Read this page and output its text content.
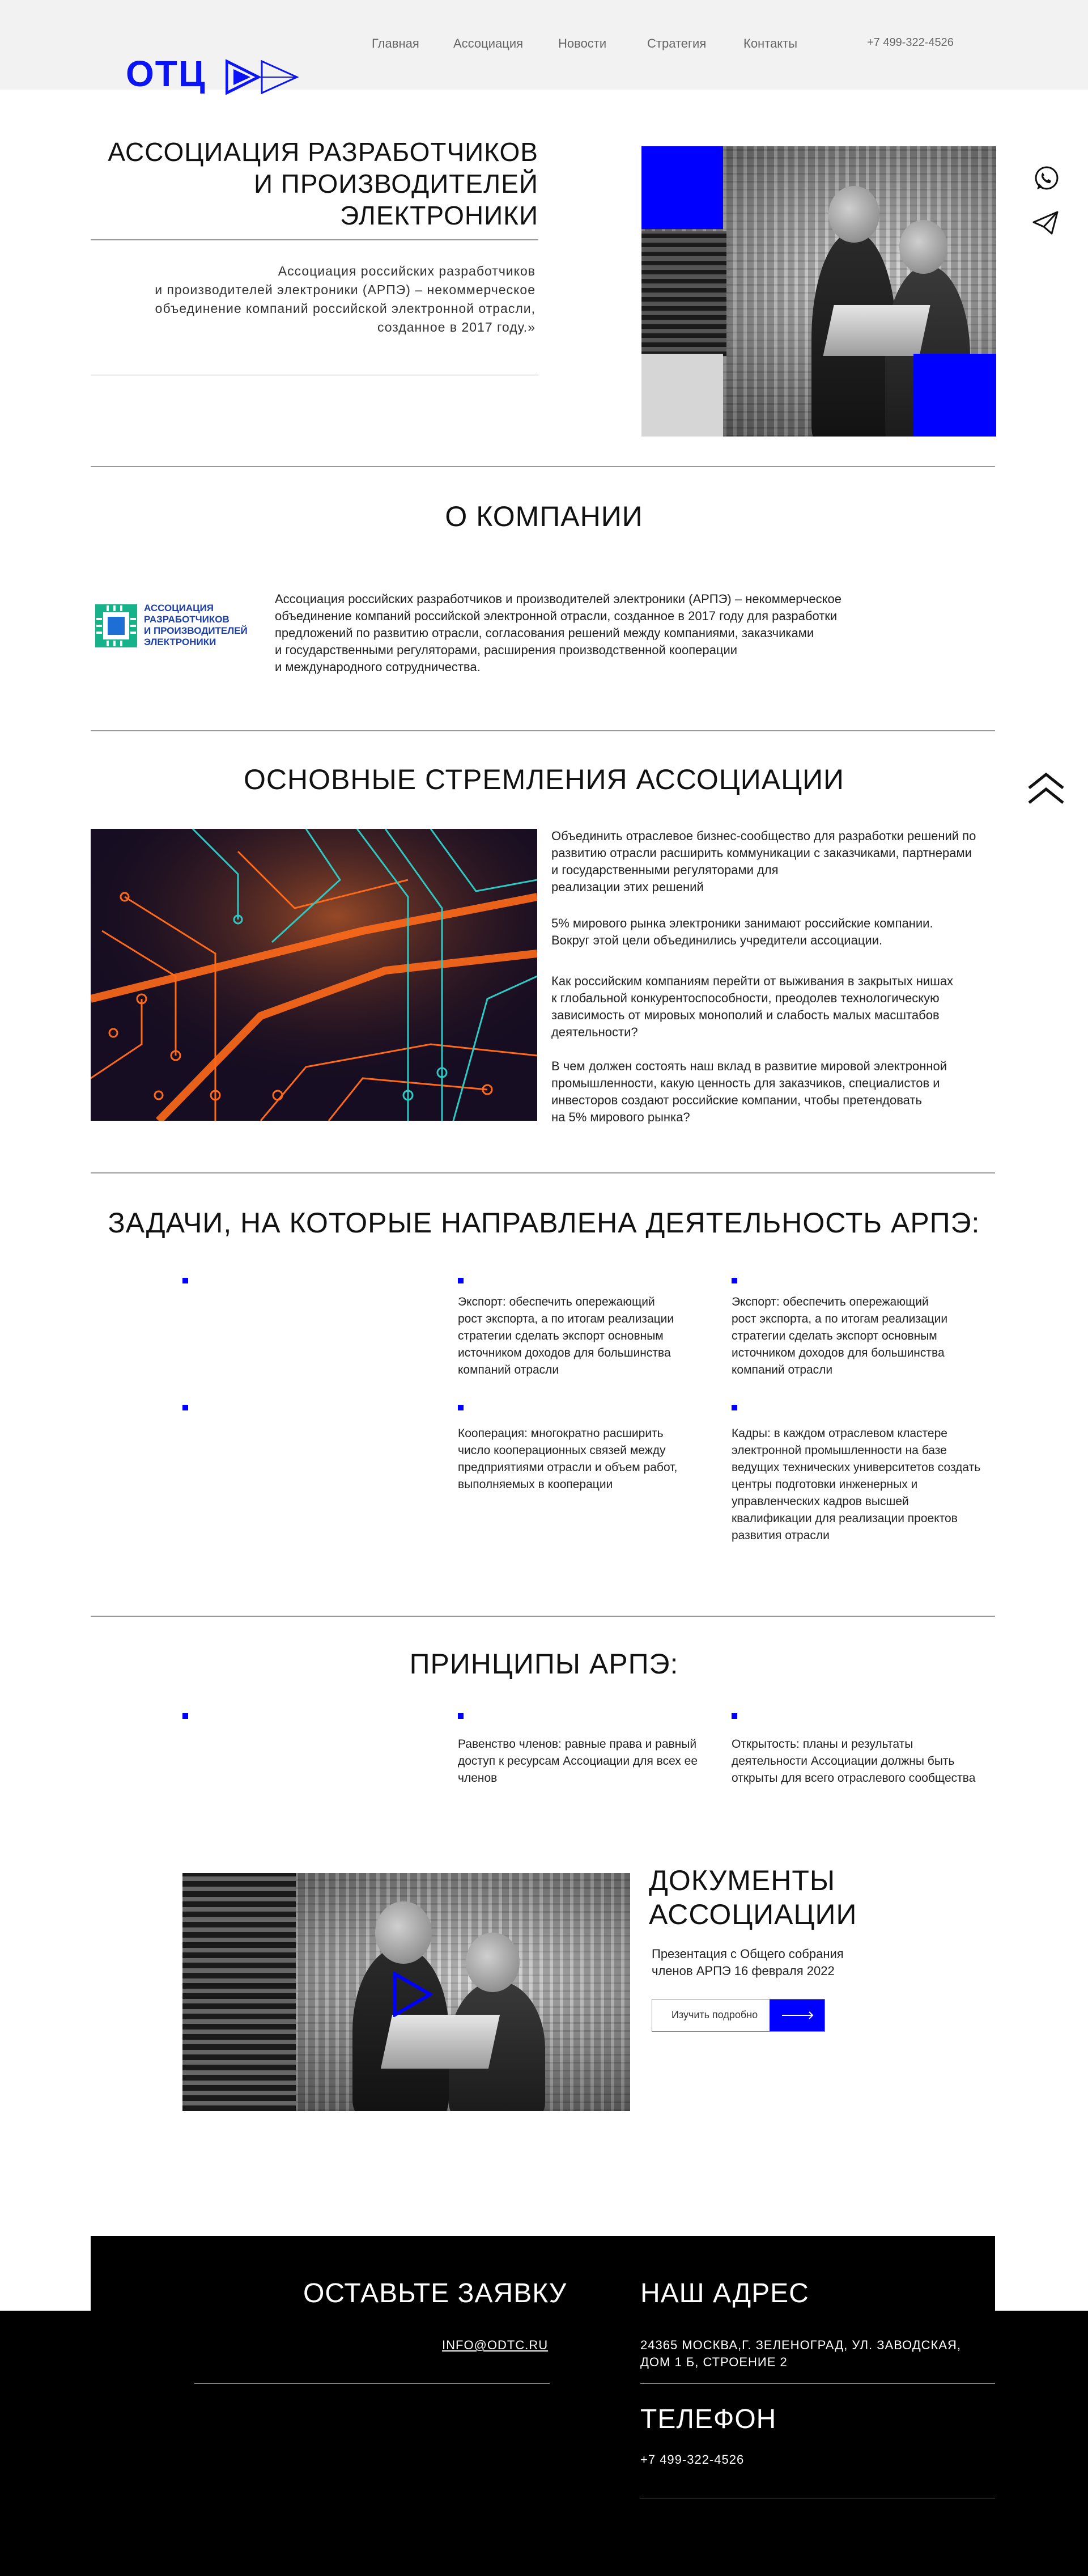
ОТЦ
Главная	Ассоциация	Новости	Стратегия	Контакты	+7 499-322-4526
АССОЦИАЦИЯ РАЗРАБОТЧИКОВ И ПРОИЗВОДИТЕЛЕЙ ЭЛЕКТРОНИКИ
Ассоциация российских разработчиков
и производителей электроники (АРПЭ) – некоммерческое
объединение компаний российской электронной отрасли,
созданное в 2017 году.»
О КОМПАНИИ
АССОЦИАЦИЯ
РАЗРАБОТЧИКОВ
И ПРОИЗВОДИТЕЛЕЙ
ЭЛЕКТРОНИКИ
Ассоциация российских разработчиков и производителей электроники (АРПЭ) – некоммерческое
объединение компаний российской электронной отрасли, созданное в 2017 году для разработки
предложений по развитию отрасли, согласования решений между компаниями, заказчиками
и государственными регуляторами, расширения производственной кооперации
и международного сотрудничества.
ОСНОВНЫЕ СТРЕМЛЕНИЯ АССОЦИАЦИИ
Объединить отраслевое бизнес-сообщество для разработки решений по
развитию отрасли расширить коммуникации с заказчиками, партнерами
и государственными регуляторами для
реализации этих решений
5% мирового рынка электроники занимают российские компании.
Вокруг этой цели объединились учредители ассоциации.
Как российским компаниям перейти от выживания в закрытых нишах
к глобальной конкурентоспособности, преодолев технологическую
зависимость от мировых монополий и слабость малых масштабов
деятельности?
В чем должен состоять наш вклад в развитие мировой электронной
промышленности, какую ценность для заказчиков, специалистов и
инвесторов создают российские компании, чтобы претендовать
на 5% мирового рынка?
ЗАДАЧИ, НА КОТОРЫЕ НАПРАВЛЕНА ДЕЯТЕЛЬНОСТЬ АРПЭ:
Экспорт: обеспечить опережающий
рост экспорта, а по итогам реализации
стратегии сделать экспорт основным
источником доходов для большинства
компаний отрасли
Экспорт: обеспечить опережающий
рост экспорта, а по итогам реализации
стратегии сделать экспорт основным
источником доходов для большинства
компаний отрасли
Кооперация: многократно расширить
число кооперационных связей между
предприятиями отрасли и объем работ,
выполняемых в кооперации
Кадры: в каждом отраслевом кластере
электронной промышленности на базе
ведущих технических университетов создать
центры подготовки инженерных и
управленческих кадров высшей
квалификации для реализации проектов
развития отрасли
ПРИНЦИПЫ АРПЭ:
Равенство членов: равные права и равный
доступ к ресурсам Ассоциации для всех ее
членов
Открытость: планы и результаты
деятельности Ассоциации должны быть
открыты для всего отраслевого сообщества
ДОКУМЕНТЫ
АССОЦИАЦИИ
Презентация с Общего собрания
членов АРПЭ 16 февраля 2022
Изучить подробно
ОСТАВЬТЕ ЗАЯВКУ
INFO@ODTC.RU
НАШ АДРЕС
24365 МОСКВА,Г. ЗЕЛЕНОГРАД, УЛ. ЗАВОДСКАЯ,
ДОМ 1 Б, СТРОЕНИЕ 2
ТЕЛЕФОН
+7 499-322-4526
